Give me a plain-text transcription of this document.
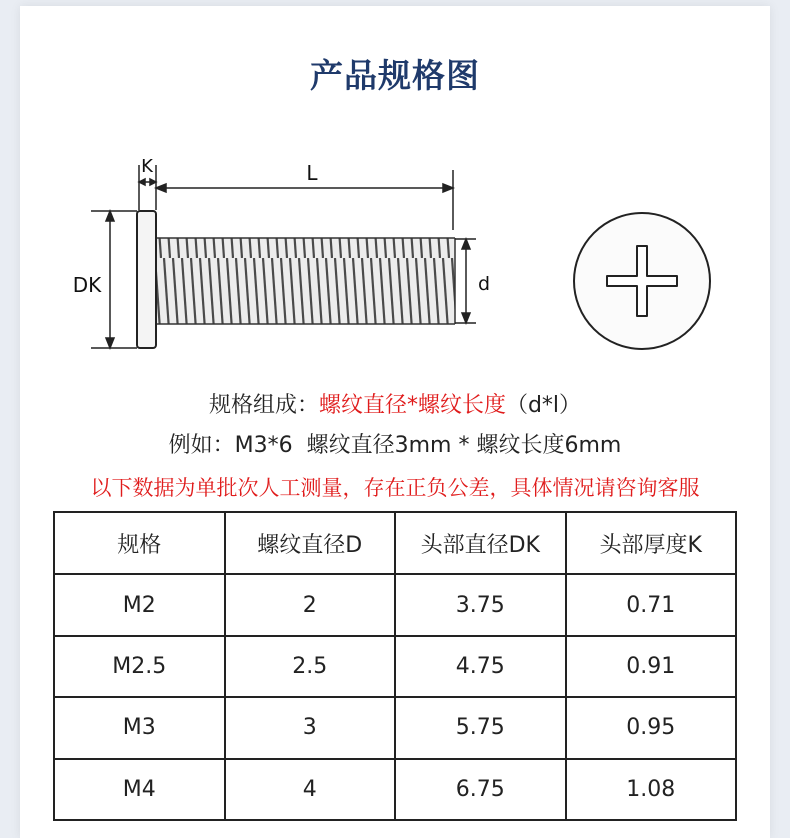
产品规格图
K	L
DK	d
规格组成：螺纹直径*螺纹长度（d*l）
例如：M3*6  螺纹直径3mm * 螺纹长度6mm
以下数据为单批次人工测量，存在正负公差，具体情况请咨询客服
规格	螺纹直径D	头部直径DK	头部厚度K
M2	2	3.75	0.71
M2.5	2.5	4.75	0.91
M3	3	5.75	0.95
M4	4	6.75	1.08
